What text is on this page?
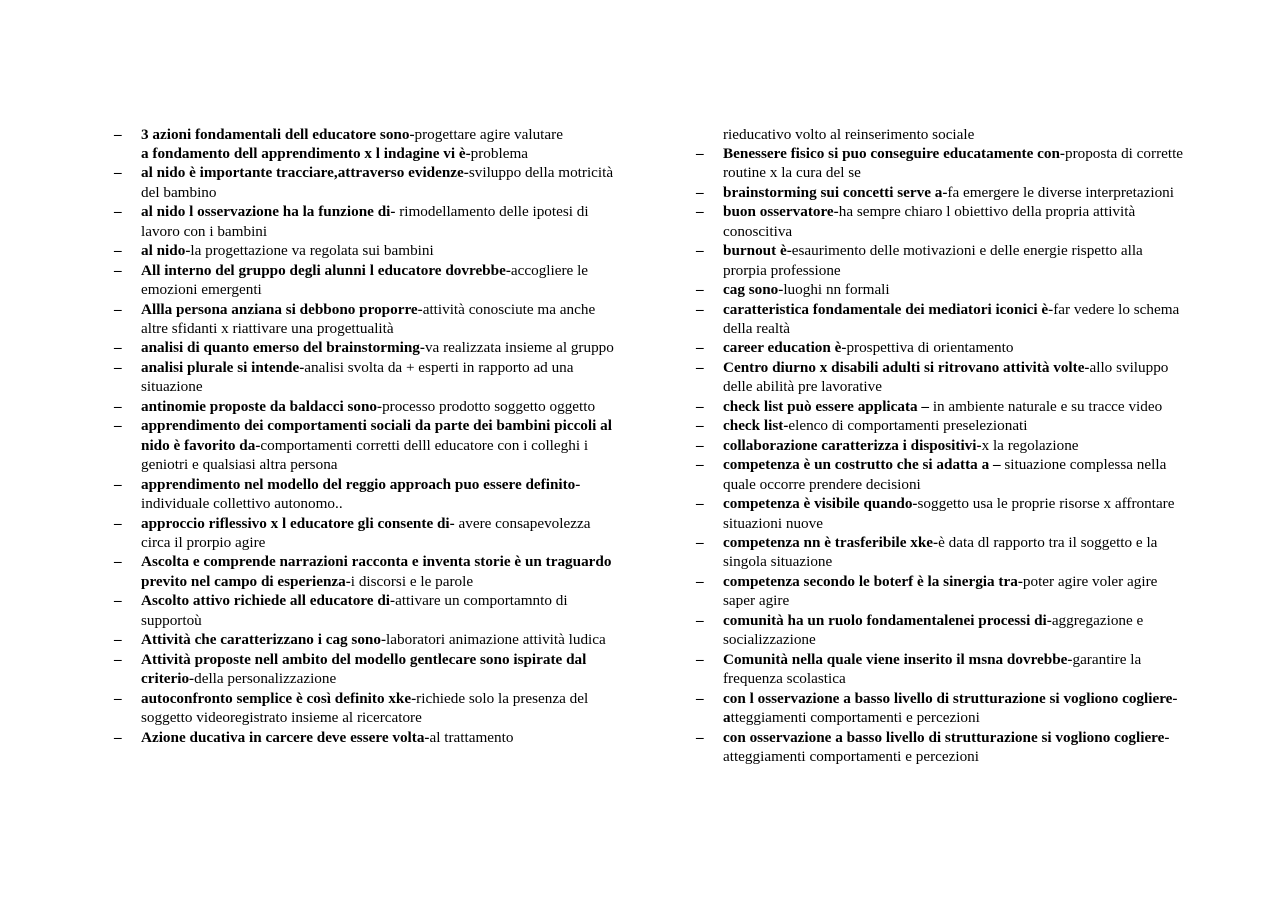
– 3 azioni fondamentali dell educatore sono-progettare agire valutare

a fondamento dell apprendimento x l indagine vi è-problema

– al nido è importante tracciare,attraverso evidenze-sviluppo della motricità del bambino

– al nido l osservazione ha la funzione di- rimodellamento delle ipotesi di lavoro con i bambini

– al nido-la progettazione va regolata sui bambini

– All interno del gruppo degli alunni l educatore dovrebbe-accogliere le emozioni emergenti

– Allla persona anziana si debbono proporre-attività conosciute ma anche altre sfidanti x riattivare una progettualità

– analisi di quanto emerso del brainstorming-va realizzata insieme al gruppo

– analisi plurale si intende-analisi svolta da + esperti in rapporto ad una situazione

– antinomie proposte da baldacci sono-processo prodotto soggetto oggetto

– apprendimento dei comportamenti sociali da parte dei bambini piccoli al nido è favorito da-comportamenti corretti delll educatore con i colleghi i geniotri e qualsiasi altra persona

– apprendimento nel modello del reggio approach puo essere definito-individuale collettivo autonomo..

– approccio riflessivo x l educatore gli consente di- avere consapevolezza circa il prorpio agire

– Ascolta e comprende narrazioni racconta e inventa storie è un traguardo previto nel campo di esperienza-i discorsi e le parole

– Ascolto attivo richiede all educatore di-attivare un comportamnto di supportoù

– Attività che caratterizzano i cag sono-laboratori animazione attività ludica

– Attività proposte nell ambito del modello gentlecare sono ispirate dal criterio-della personalizzazione

– autoconfronto semplice è così definito xke-richiede solo la presenza del soggetto videoregistrato insieme al ricercatore

– Azione ducativa in carcere deve essere volta-al trattamento

rieducativo volto al reinserimento sociale

– Benessere fisico si puo conseguire educatamente con-proposta di corrette routine x la cura del se

– brainstorming sui concetti serve a-fa emergere le diverse interpretazioni

– buon osservatore-ha sempre chiaro l obiettivo della propria attività conoscitiva

– burnout è-esaurimento delle motivazioni e delle energie rispetto alla prorpia professione

– cag sono-luoghi nn formali

– caratteristica fondamentale dei mediatori iconici è-far vedere lo schema della realtà

– career education è-prospettiva di orientamento

– Centro diurno x disabili adulti si ritrovano attività volte-allo sviluppo delle abilità pre lavorative

– check list può essere applicata – in ambiente naturale e su tracce video

– check list-elenco di comportamenti preselezionati

– collaborazione caratterizza i dispositivi-x la regolazione

– competenza è un costrutto che si adatta a – situazione complessa nella quale occorre prendere decisioni

– competenza è visibile quando-soggetto usa le proprie risorse x affrontare situazioni nuove

– competenza nn è trasferibile xke-è data dl rapporto tra il soggetto e la singola situazione

– competenza secondo le boterf è la sinergia tra-poter agire voler agire saper agire

– comunità ha un ruolo fondamentalenei processi di-aggregazione e socializzazione

– Comunità nella quale viene inserito il msna dovrebbe-garantire la frequenza scolastica

– con l osservazione a basso livello di strutturazione si vogliono cogliere-atteggiamenti comportamenti e percezioni

– con osservazione a basso livello di strutturazione si vogliono cogliere-atteggiamenti comportamenti e percezioni
